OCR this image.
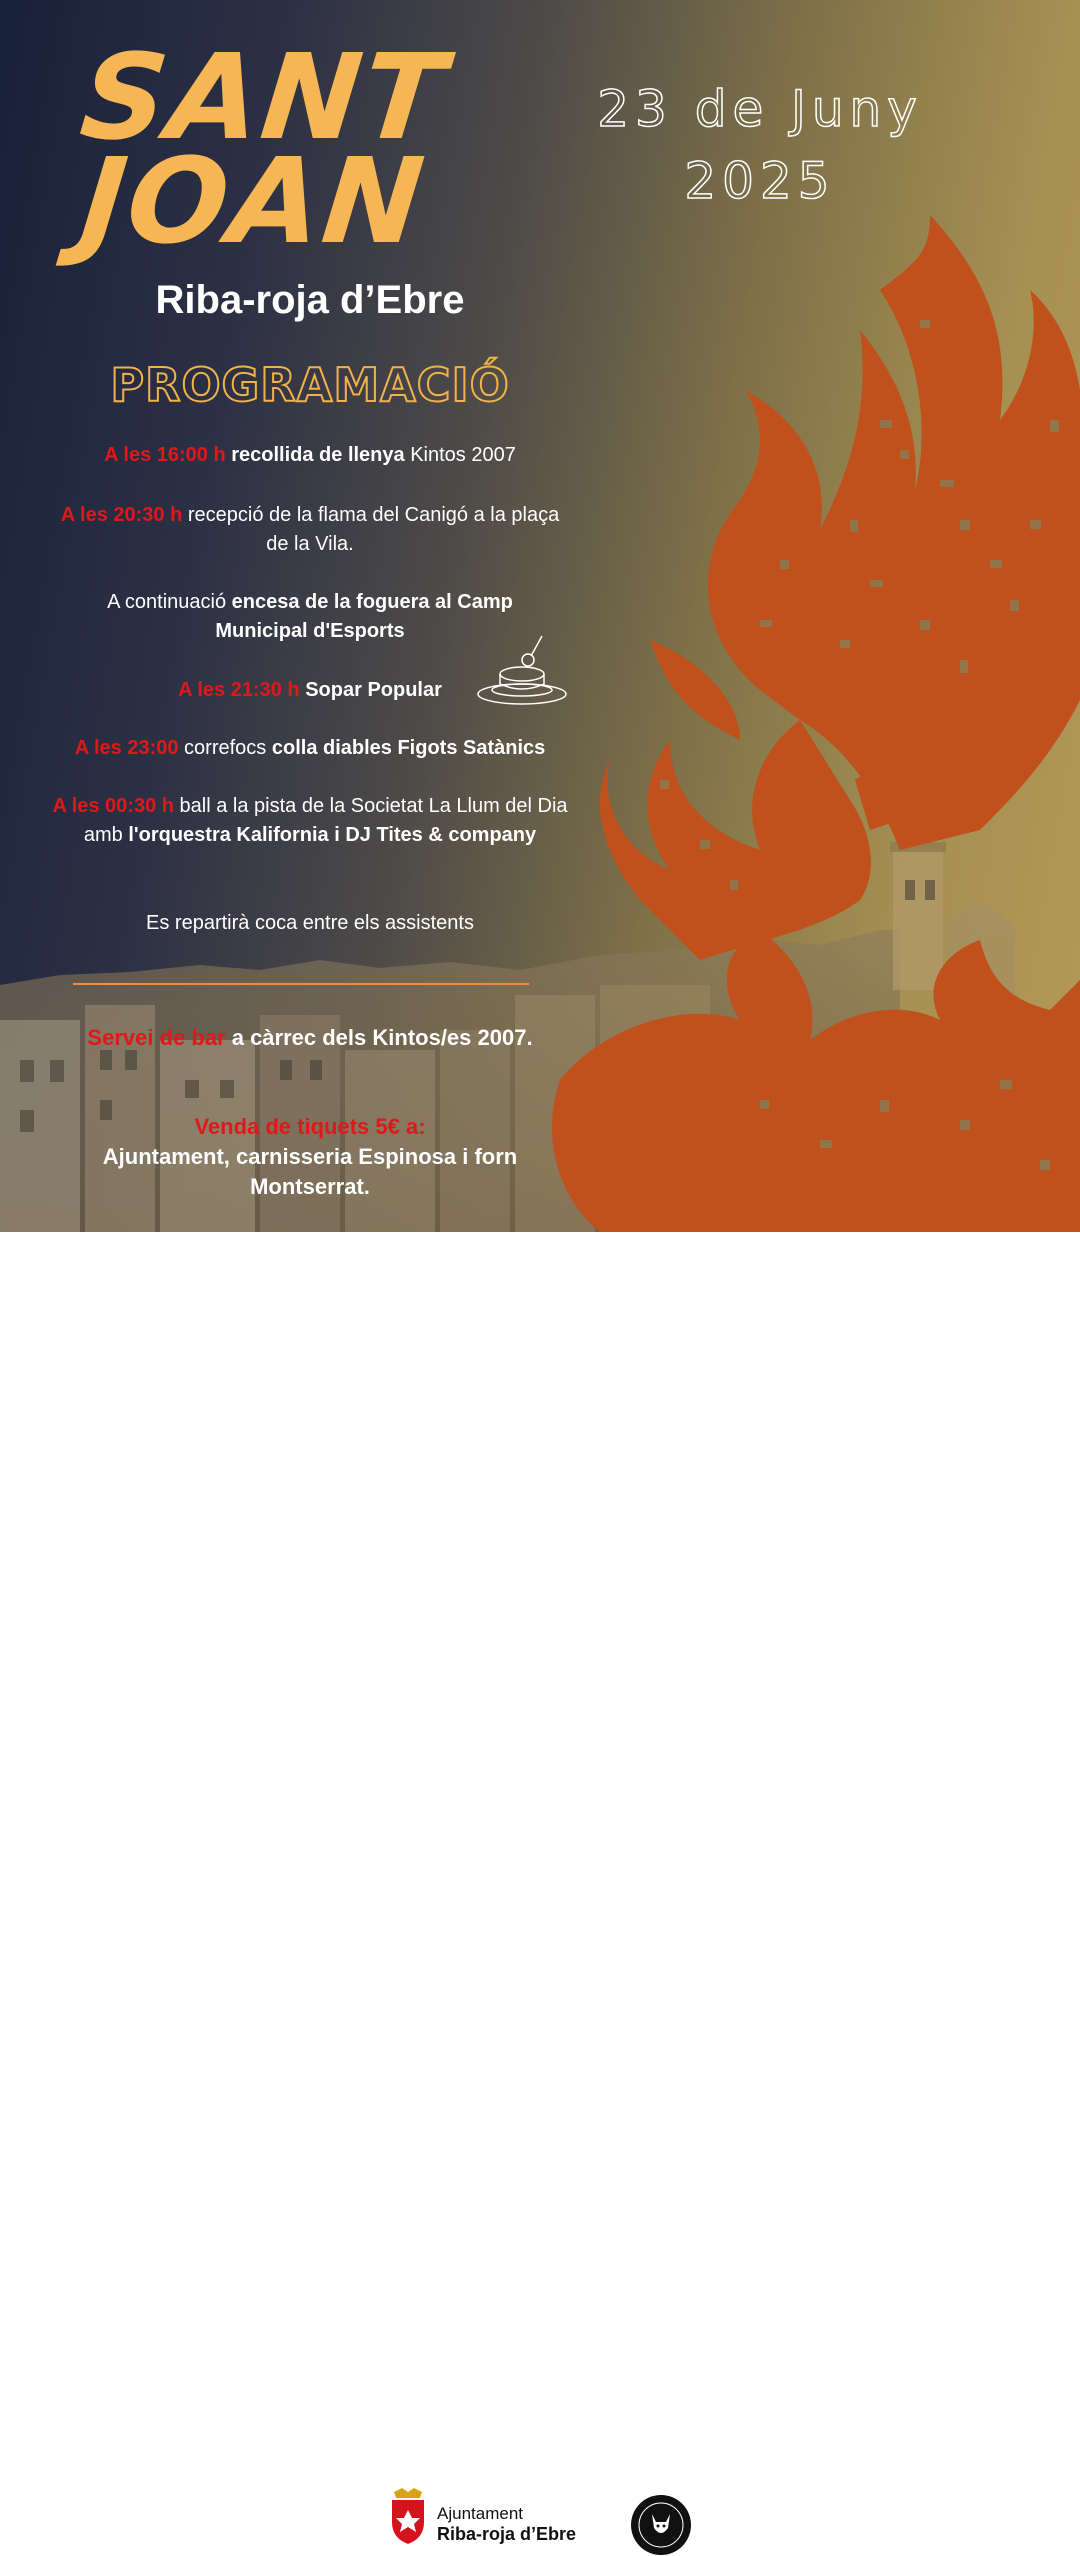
SANT
JOAN
23 de Juny
2025
Riba-roja d’Ebre
PROGRAMACIÓ
A les 16:00 h recollida de llenya Kintos 2007
A les 20:30 h recepció de la flama del Canigó a la plaça de la Vila.
A continuació encesa de la foguera al Camp Municipal d'Esports
A les 21:30 h Sopar Popular
A les 23:00 correfocs colla diables Figots Satànics
A les 00:30 h ball a la pista de la Societat La Llum del Dia amb l'orquestra Kalifornia i DJ Tites & company
Es repartirà coca entre els assistents
Servei de bar a càrrec dels Kintos/es 2007.
Venda de tiquets 5€ a:
Ajuntament, carnisseria Espinosa i forn Montserrat.
Ajuntament
Riba-roja d’Ebre
